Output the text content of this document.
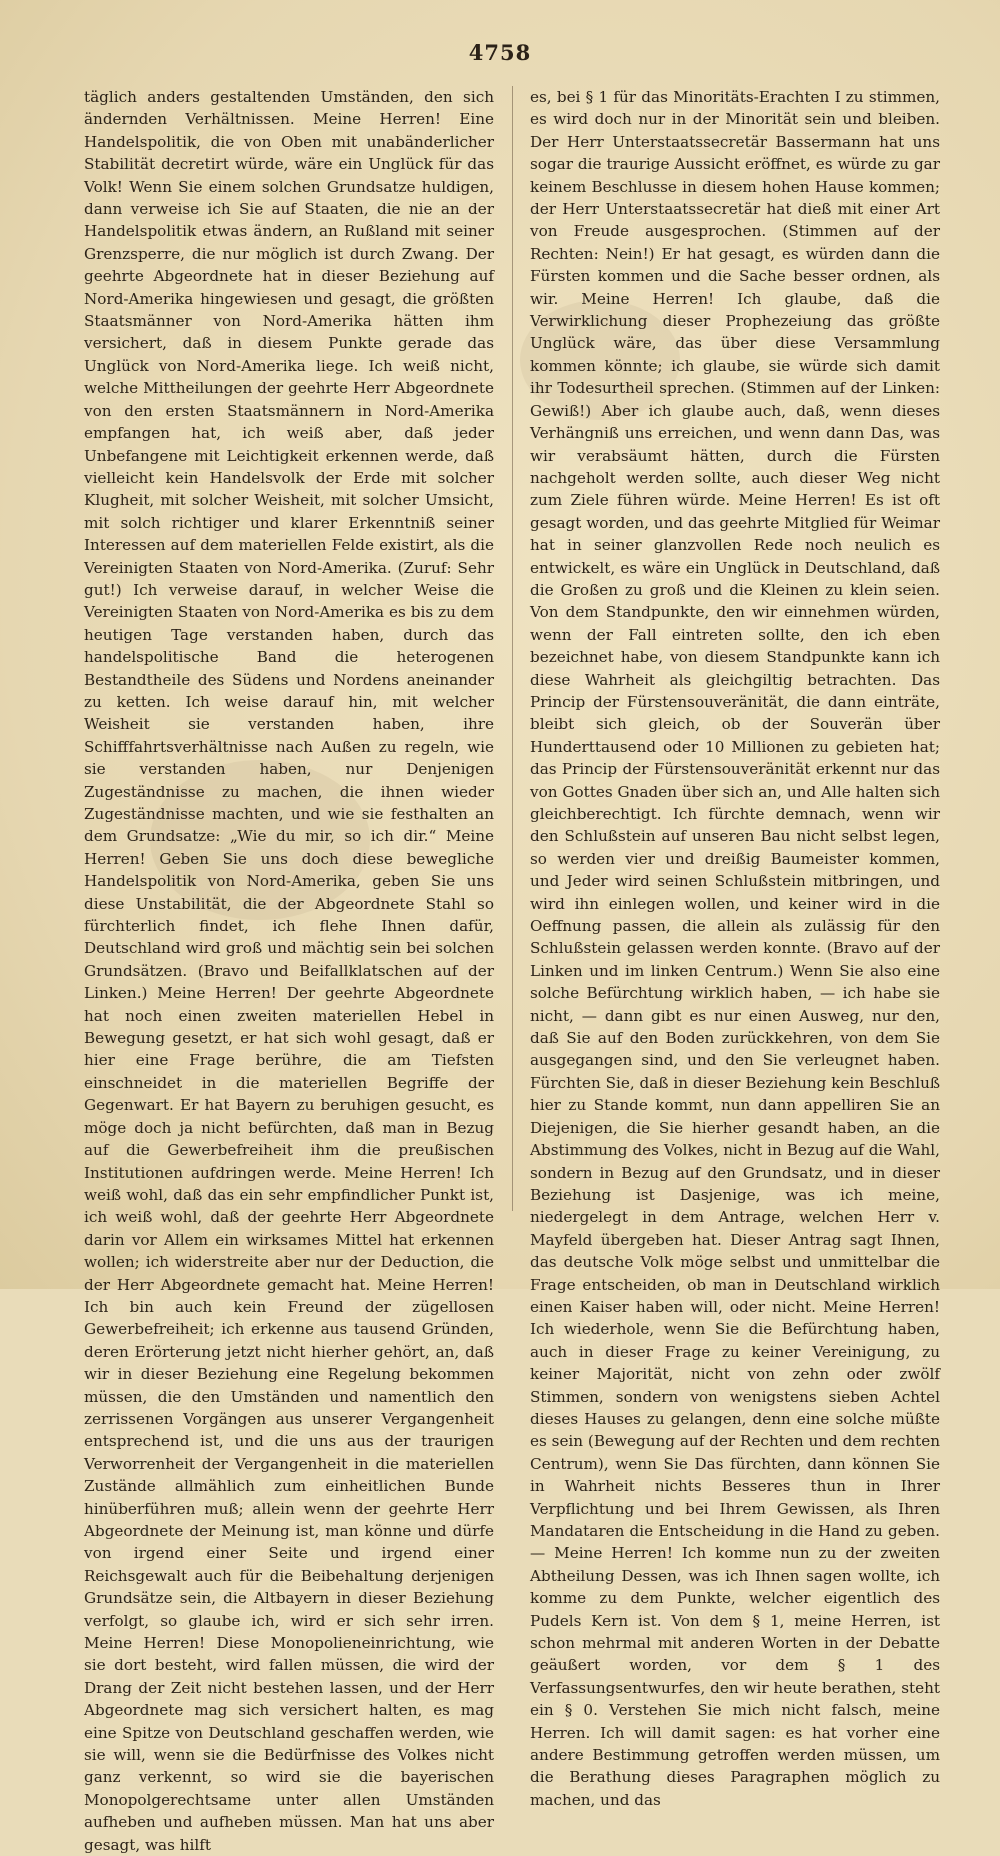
4758

täglich anders gestaltenden Umständen, den sich ändernden Verhältnissen. Meine Herren! Eine Handelspolitik, die von Oben mit unabänderlicher Stabilität decretirt würde, wäre ein Unglück für das Volk! Wenn Sie einem solchen Grundsatze huldigen, dann verweise ich Sie auf Staaten, die nie an der Handelspolitik etwas ändern, an Rußland mit seiner Grenzsperre, die nur möglich ist durch Zwang. Der geehrte Abgeordnete hat in dieser Beziehung auf Nord-Amerika hingewiesen und gesagt, die größten Staatsmänner von Nord-Amerika hätten ihm versichert, daß in diesem Punkte gerade das Unglück von Nord-Amerika liege. Ich weiß nicht, welche Mittheilungen der geehrte Herr Abgeordnete von den ersten Staatsmännern in Nord-Amerika empfangen hat, ich weiß aber, daß jeder Unbefangene mit Leichtigkeit erkennen werde, daß vielleicht kein Handelsvolk der Erde mit solcher Klugheit, mit solcher Weisheit, mit solcher Umsicht, mit solch richtiger und klarer Erkenntniß seiner Interessen auf dem materiellen Felde existirt, als die Vereinigten Staaten von Nord-Amerika. (Zuruf: Sehr gut!) Ich verweise darauf, in welcher Weise die Vereinigten Staaten von Nord-Amerika es bis zu dem heutigen Tage verstanden haben, durch das handelspolitische Band die heterogenen Bestandtheile des Südens und Nordens aneinander zu ketten. Ich weise darauf hin, mit welcher Weisheit sie verstanden haben, ihre Schifffahrtsverhältnisse nach Außen zu regeln, wie sie verstanden haben, nur Denjenigen Zugeständnisse zu machen, die ihnen wieder Zugeständnisse machten, und wie sie festhalten an dem Grundsatze: „Wie du mir, so ich dir.“ Meine Herren! Geben Sie uns doch diese bewegliche Handelspolitik von Nord-Amerika, geben Sie uns diese Unstabilität, die der Abgeordnete Stahl so fürchterlich findet, ich flehe Ihnen dafür, Deutschland wird groß und mächtig sein bei solchen Grundsätzen. (Bravo und Beifallklatschen auf der Linken.) Meine Herren! Der geehrte Abgeordnete hat noch einen zweiten materiellen Hebel in Bewegung gesetzt, er hat sich wohl gesagt, daß er hier eine Frage berühre, die am Tiefsten einschneidet in die materiellen Begriffe der Gegenwart. Er hat Bayern zu beruhigen gesucht, es möge doch ja nicht befürchten, daß man in Bezug auf die Gewerbefreiheit ihm die preußischen Institutionen aufdringen werde. Meine Herren! Ich weiß wohl, daß das ein sehr empfindlicher Punkt ist, ich weiß wohl, daß der geehrte Herr Abgeordnete darin vor Allem ein wirksames Mittel hat erkennen wollen; ich widerstreite aber nur der Deduction, die der Herr Abgeordnete gemacht hat. Meine Herren! Ich bin auch kein Freund der zügellosen Gewerbefreiheit; ich erkenne aus tausend Gründen, deren Erörterung jetzt nicht hierher gehört, an, daß wir in dieser Beziehung eine Regelung bekommen müssen, die den Umständen und namentlich den zerrissenen Vorgängen aus unserer Vergangenheit entsprechend ist, und die uns aus der traurigen Verworrenheit der Vergangenheit in die materiellen Zustände allmählich zum einheitlichen Bunde hinüberführen muß; allein wenn der geehrte Herr Abgeordnete der Meinung ist, man könne und dürfe von irgend einer Seite und irgend einer Reichsgewalt auch für die Beibehaltung derjenigen Grundsätze sein, die Altbayern in dieser Beziehung verfolgt, so glaube ich, wird er sich sehr irren. Meine Herren! Diese Monopolieneinrichtung, wie sie dort besteht, wird fallen müssen, die wird der Drang der Zeit nicht bestehen lassen, und der Herr Abgeordnete mag sich versichert halten, es mag eine Spitze von Deutschland geschaffen werden, wie sie will, wenn sie die Bedürfnisse des Volkes nicht ganz verkennt, so wird sie die bayerischen Monopolgerechtsame unter allen Umständen aufheben und aufheben müssen. Man hat uns aber gesagt, was hilft

es, bei § 1 für das Minoritäts-Erachten I zu stimmen, es wird doch nur in der Minorität sein und bleiben. Der Herr Unterstaatssecretär Bassermann hat uns sogar die traurige Aussicht eröffnet, es würde zu gar keinem Beschlusse in diesem hohen Hause kommen; der Herr Unterstaatssecretär hat dieß mit einer Art von Freude ausgesprochen. (Stimmen auf der Rechten: Nein!) Er hat gesagt, es würden dann die Fürsten kommen und die Sache besser ordnen, als wir. Meine Herren! Ich glaube, daß die Verwirklichung dieser Prophezeiung das größte Unglück wäre, das über diese Versammlung kommen könnte; ich glaube, sie würde sich damit ihr Todesurtheil sprechen. (Stimmen auf der Linken: Gewiß!) Aber ich glaube auch, daß, wenn dieses Verhängniß uns erreichen, und wenn dann Das, was wir verabsäumt hätten, durch die Fürsten nachgeholt werden sollte, auch dieser Weg nicht zum Ziele führen würde. Meine Herren! Es ist oft gesagt worden, und das geehrte Mitglied für Weimar hat in seiner glanzvollen Rede noch neulich es entwickelt, es wäre ein Unglück in Deutschland, daß die Großen zu groß und die Kleinen zu klein seien. Von dem Standpunkte, den wir einnehmen würden, wenn der Fall eintreten sollte, den ich eben bezeichnet habe, von diesem Standpunkte kann ich diese Wahrheit als gleichgiltig betrachten. Das Princip der Fürstensouveränität, die dann einträte, bleibt sich gleich, ob der Souverän über Hunderttausend oder 10 Millionen zu gebieten hat; das Princip der Fürstensouveränität erkennt nur das von Gottes Gnaden über sich an, und Alle halten sich gleichberechtigt. Ich fürchte demnach, wenn wir den Schlußstein auf unseren Bau nicht selbst legen, so werden vier und dreißig Baumeister kommen, und Jeder wird seinen Schlußstein mitbringen, und wird ihn einlegen wollen, und keiner wird in die Oeffnung passen, die allein als zulässig für den Schlußstein gelassen werden konnte. (Bravo auf der Linken und im linken Centrum.) Wenn Sie also eine solche Befürchtung wirklich haben, — ich habe sie nicht, — dann gibt es nur einen Ausweg, nur den, daß Sie auf den Boden zurückkehren, von dem Sie ausgegangen sind, und den Sie verleugnet haben. Fürchten Sie, daß in dieser Beziehung kein Beschluß hier zu Stande kommt, nun dann appelliren Sie an Diejenigen, die Sie hierher gesandt haben, an die Abstimmung des Volkes, nicht in Bezug auf die Wahl, sondern in Bezug auf den Grundsatz, und in dieser Beziehung ist Dasjenige, was ich meine, niedergelegt in dem Antrage, welchen Herr v. Mayfeld übergeben hat. Dieser Antrag sagt Ihnen, das deutsche Volk möge selbst und unmittelbar die Frage entscheiden, ob man in Deutschland wirklich einen Kaiser haben will, oder nicht. Meine Herren! Ich wiederhole, wenn Sie die Befürchtung haben, auch in dieser Frage zu keiner Vereinigung, zu keiner Majorität, nicht von zehn oder zwölf Stimmen, sondern von wenigstens sieben Achtel dieses Hauses zu gelangen, denn eine solche müßte es sein (Bewegung auf der Rechten und dem rechten Centrum), wenn Sie Das fürchten, dann können Sie in Wahrheit nichts Besseres thun in Ihrer Verpflichtung und bei Ihrem Gewissen, als Ihren Mandataren die Entscheidung in die Hand zu geben. — Meine Herren! Ich komme nun zu der zweiten Abtheilung Dessen, was ich Ihnen sagen wollte, ich komme zu dem Punkte, welcher eigentlich des Pudels Kern ist. Von dem § 1, meine Herren, ist schon mehrmal mit anderen Worten in der Debatte geäußert worden, vor dem § 1 des Verfassungsentwurfes, den wir heute berathen, steht ein § 0. Verstehen Sie mich nicht falsch, meine Herren. Ich will damit sagen: es hat vorher eine andere Bestimmung getroffen werden müssen, um die Berathung dieses Paragraphen möglich zu machen, und das
